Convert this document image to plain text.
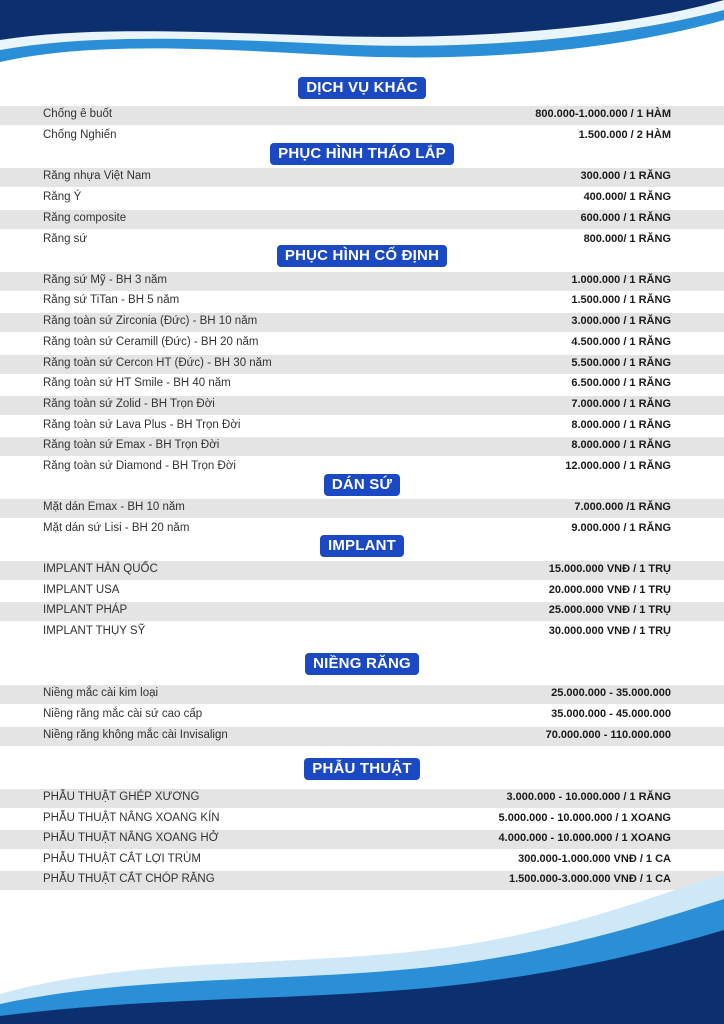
DỊCH VỤ KHÁC
Chống ê buốt	800.000-1.000.000 / 1 HÀM
Chống Nghiến	1.500.000 / 2 HÀM
PHỤC HÌNH THÁO LẮP
Răng nhựa Việt Nam	300.000 / 1 RĂNG
Răng Ý	400.000/ 1 RĂNG
Răng composite	600.000 / 1 RĂNG
Răng sứ	800.000/ 1 RĂNG
PHỤC HÌNH CỐ ĐỊNH
Răng sứ Mỹ - BH 3 năm	1.000.000 / 1 RĂNG
Răng sứ TiTan - BH 5 năm	1.500.000 / 1 RĂNG
Răng toàn sứ Zirconia (Đức) - BH 10 năm	3.000.000 / 1 RĂNG
Răng toàn sứ Ceramill (Đức) - BH 20 năm	4.500.000 / 1 RĂNG
Răng toàn sứ Cercon HT (Đức) - BH 30 năm	5.500.000 / 1 RĂNG
Răng toàn sứ HT Smile - BH 40 năm	6.500.000 / 1 RĂNG
Răng toàn sứ Zolid - BH Trọn Đời	7.000.000 / 1 RĂNG
Răng toàn sứ Lava Plus - BH Trọn Đời	8.000.000 / 1 RĂNG
Răng toàn sứ Emax - BH Trọn Đời	8.000.000 / 1 RĂNG
Răng toàn sứ Diamond - BH Trọn Đời	12.000.000 / 1 RĂNG
DÁN SỨ
Mặt dán Emax - BH 10 năm	7.000.000 /1 RĂNG
Mặt dán sứ Lisi - BH 20 năm	9.000.000 / 1 RĂNG
IMPLANT
IMPLANT HÀN QUỐC	15.000.000 VNĐ / 1 TRỤ
IMPLANT USA	20.000.000 VNĐ / 1 TRỤ
IMPLANT PHÁP	25.000.000 VNĐ / 1 TRỤ
IMPLANT THỤY SỸ	30.000.000 VNĐ / 1 TRỤ
NIỀNG RĂNG
Niềng mắc cài kim loại	25.000.000 - 35.000.000
Niềng răng mắc cài sứ cao cấp	35.000.000 - 45.000.000
Niềng răng không mắc cài Invisalign	70.000.000 - 110.000.000
PHẪU THUẬT
PHẪU THUẬT GHÉP XƯƠNG	3.000.000 - 10.000.000 / 1 RĂNG
PHẪU THUẬT NÂNG XOANG KÍN	5.000.000 - 10.000.000 / 1 XOANG
PHẪU THUẬT NÂNG XOANG HỞ	4.000.000 - 10.000.000 / 1 XOANG
PHẪU THUẬT CẮT LỢI TRÙM	300.000-1.000.000 VNĐ / 1 CA
PHẪU THUẬT CẮT CHÓP RĂNG	1.500.000-3.000.000 VNĐ / 1 CA
